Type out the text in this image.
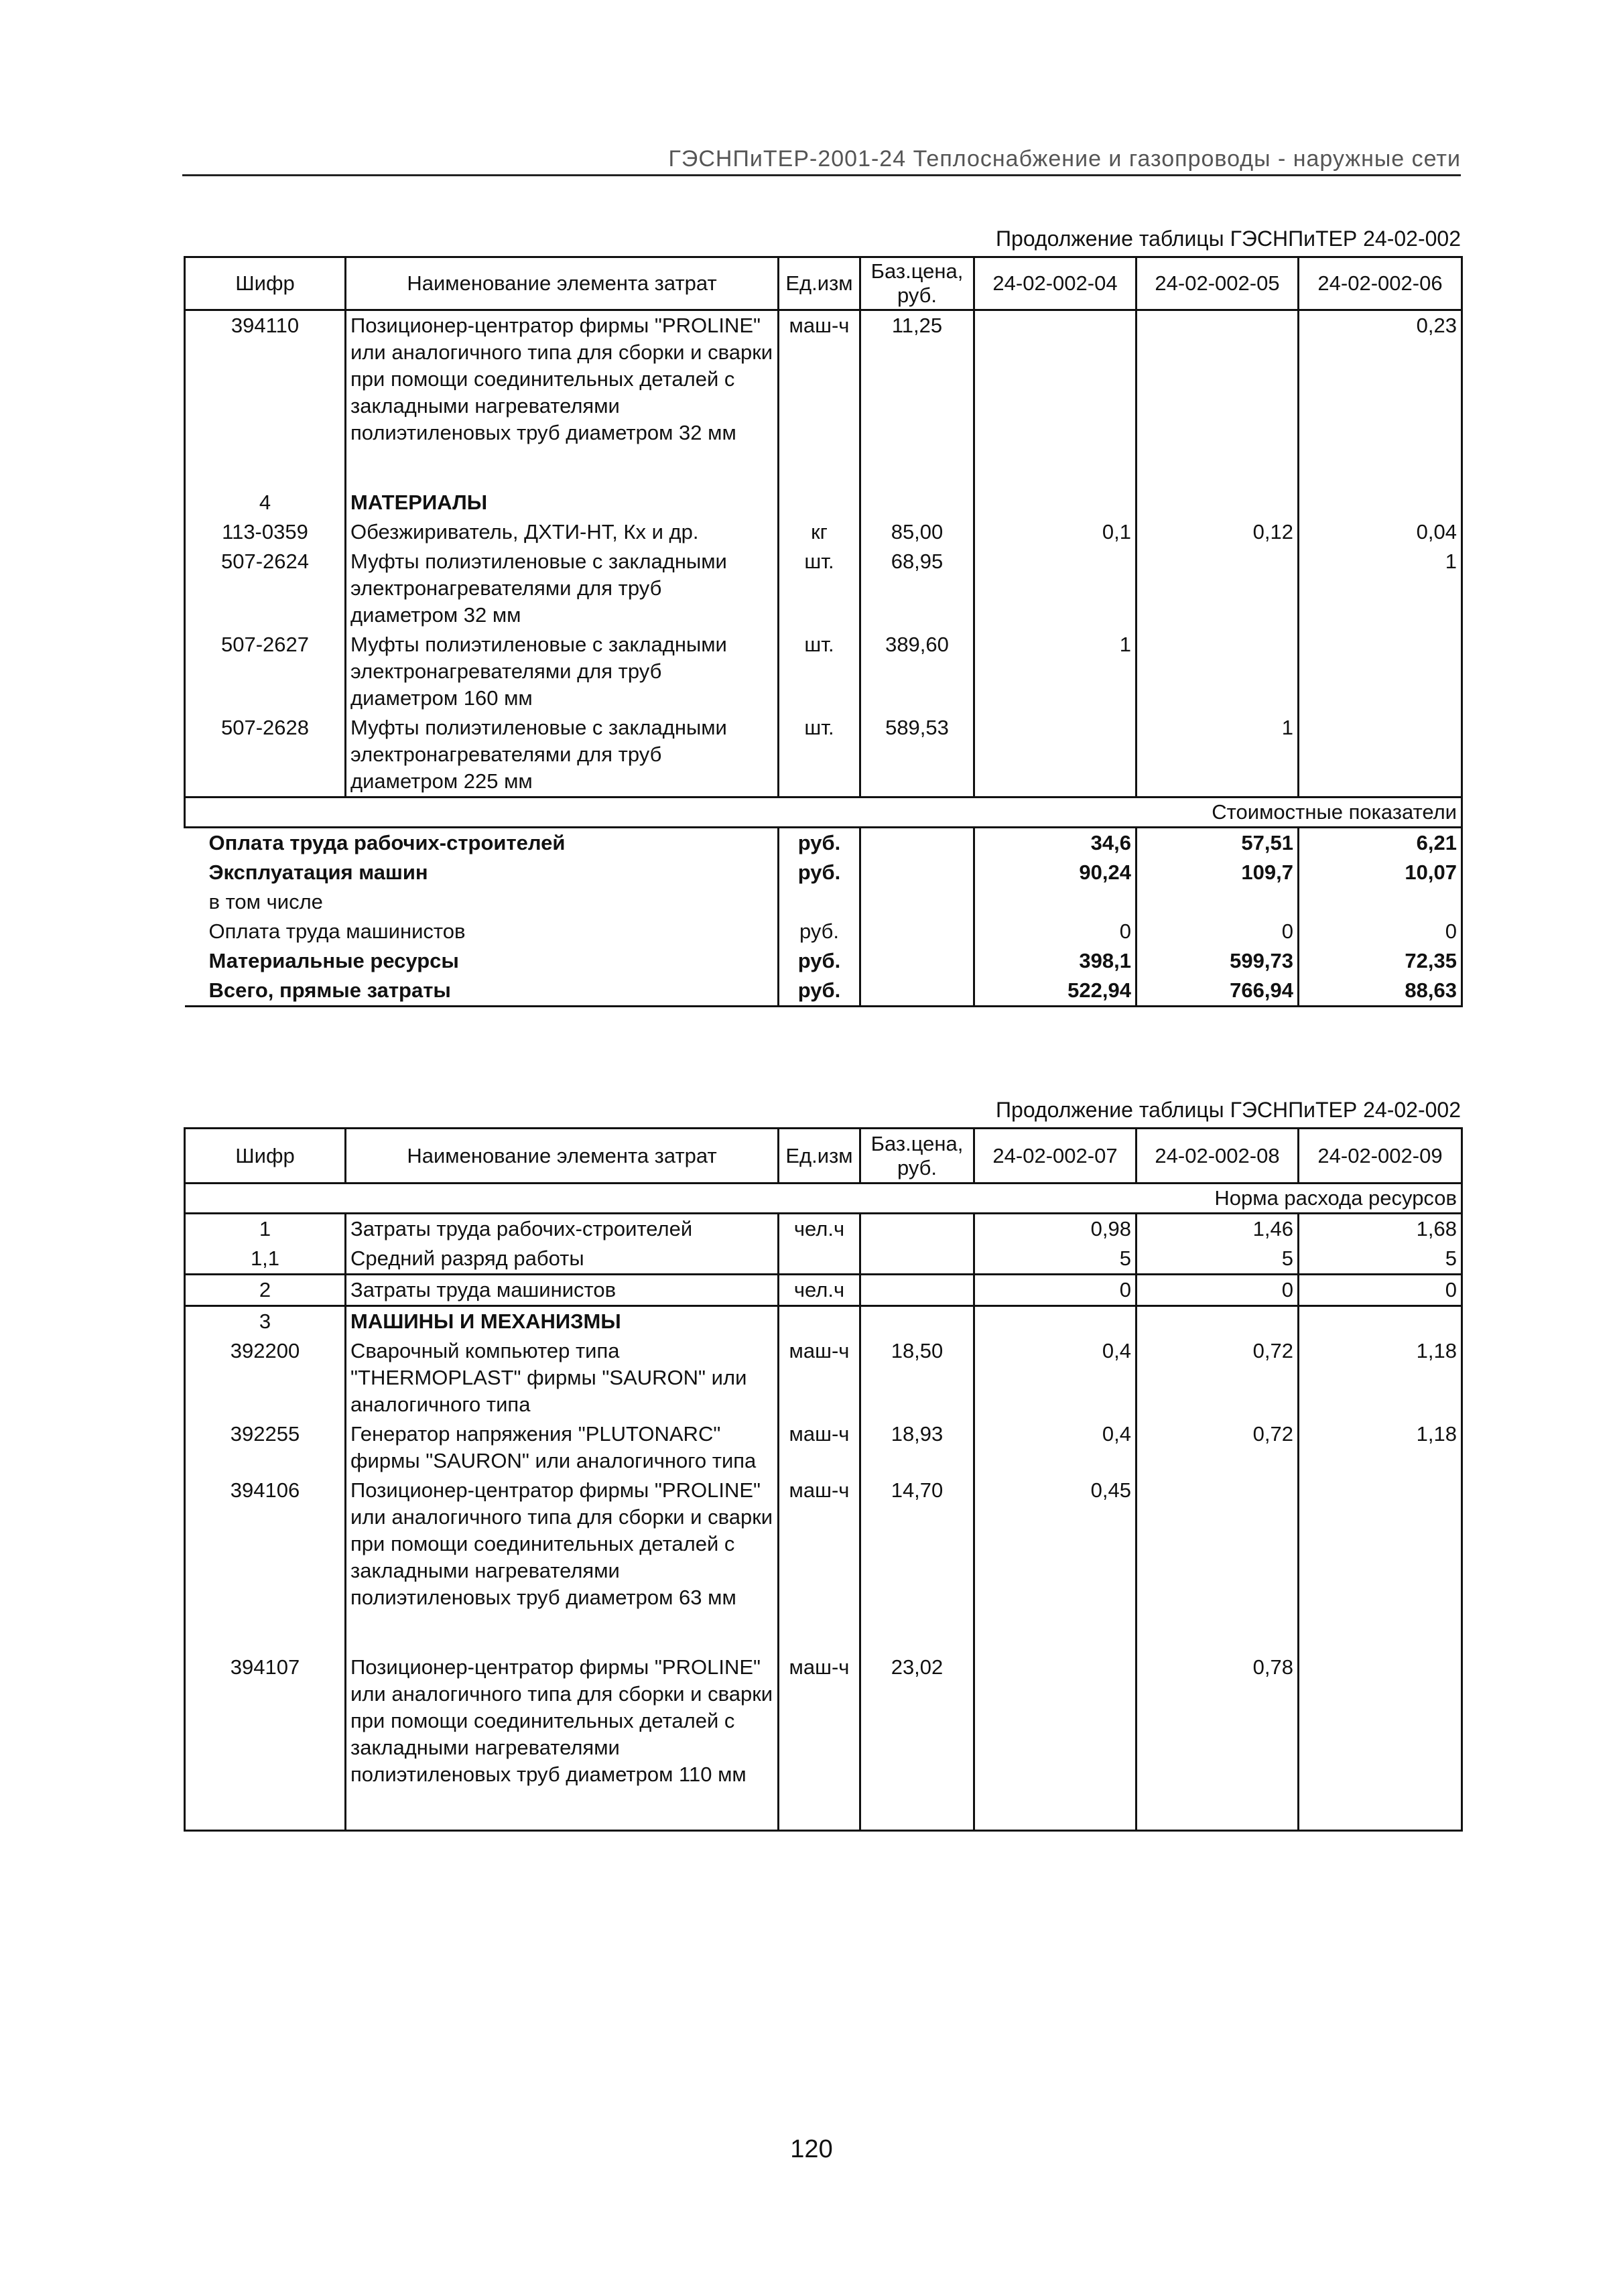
ГЭСНПиТЕР-2001-24 Теплоснабжение и газопроводы - наружные сети
Продолжение таблицы ГЭСНПиТЕР 24-02-002
Шифр	Наименование элемента затрат	Ед.изм	Баз.цена, руб.	24-02-002-04	24-02-002-05	24-02-002-06
394110	Позиционер-центратор фирмы "PROLINE" или аналогичного типа для сборки и сварки при помощи соединительных деталей с закладными нагревателями полиэтиленовых труб диаметром 32 мм	маш-ч	11,25			0,23

4	МАТЕРИАЛЫ					
113-0359	Обезжириватель, ДХТИ-НТ, Кх и др.	кг	85,00	0,1	0,12	0,04
507-2624	Муфты полиэтиленовые с закладными электронагревателями для труб диаметром 32 мм	шт.	68,95			1
507-2627	Муфты полиэтиленовые с закладными электронагревателями для труб диаметром 160 мм	шт.	389,60	1		
507-2628	Муфты полиэтиленовые с закладными электронагревателями для труб диаметром 225 мм	шт.	589,53		1	
Стоимостные показатели						
Оплата труда рабочих-строителей		руб.		34,6	57,51	6,21
Эксплуатация машин		руб.		90,24	109,7	10,07
в том числе						
Оплата труда машинистов		руб.		0	0	0
Материальные ресурсы		руб.		398,1	599,73	72,35
Всего, прямые затраты		руб.		522,94	766,94	88,63
Продолжение таблицы ГЭСНПиТЕР 24-02-002
Шифр	Наименование элемента затрат	Ед.изм	Баз.цена, руб.	24-02-002-07	24-02-002-08	24-02-002-09
Норма расхода ресурсов						
1	Затраты труда рабочих-строителей	чел.ч		0,98	1,46	1,68
1,1	Средний разряд работы			5	5	5
2	Затраты труда машинистов	чел.ч		0	0	0
3	МАШИНЫ И МЕХАНИЗМЫ					
392200	Сварочный компьютер типа "THERMOPLAST" фирмы "SAURON" или аналогичного типа	маш-ч	18,50	0,4	0,72	1,18
392255	Генератор напряжения "PLUTONARC" фирмы "SAURON" или аналогичного типа	маш-ч	18,93	0,4	0,72	1,18
394106	Позиционер-центратор фирмы "PROLINE" или аналогичного типа для сборки и сварки при помощи соединительных деталей с закладными нагревателями полиэтиленовых труб диаметром 63 мм	маш-ч	14,70	0,45		

394107	Позиционер-центратор фирмы "PROLINE" или аналогичного типа для сборки и сварки при помощи соединительных деталей с закладными нагревателями полиэтиленовых труб диаметром 110 мм	маш-ч	23,02		0,78	

120
